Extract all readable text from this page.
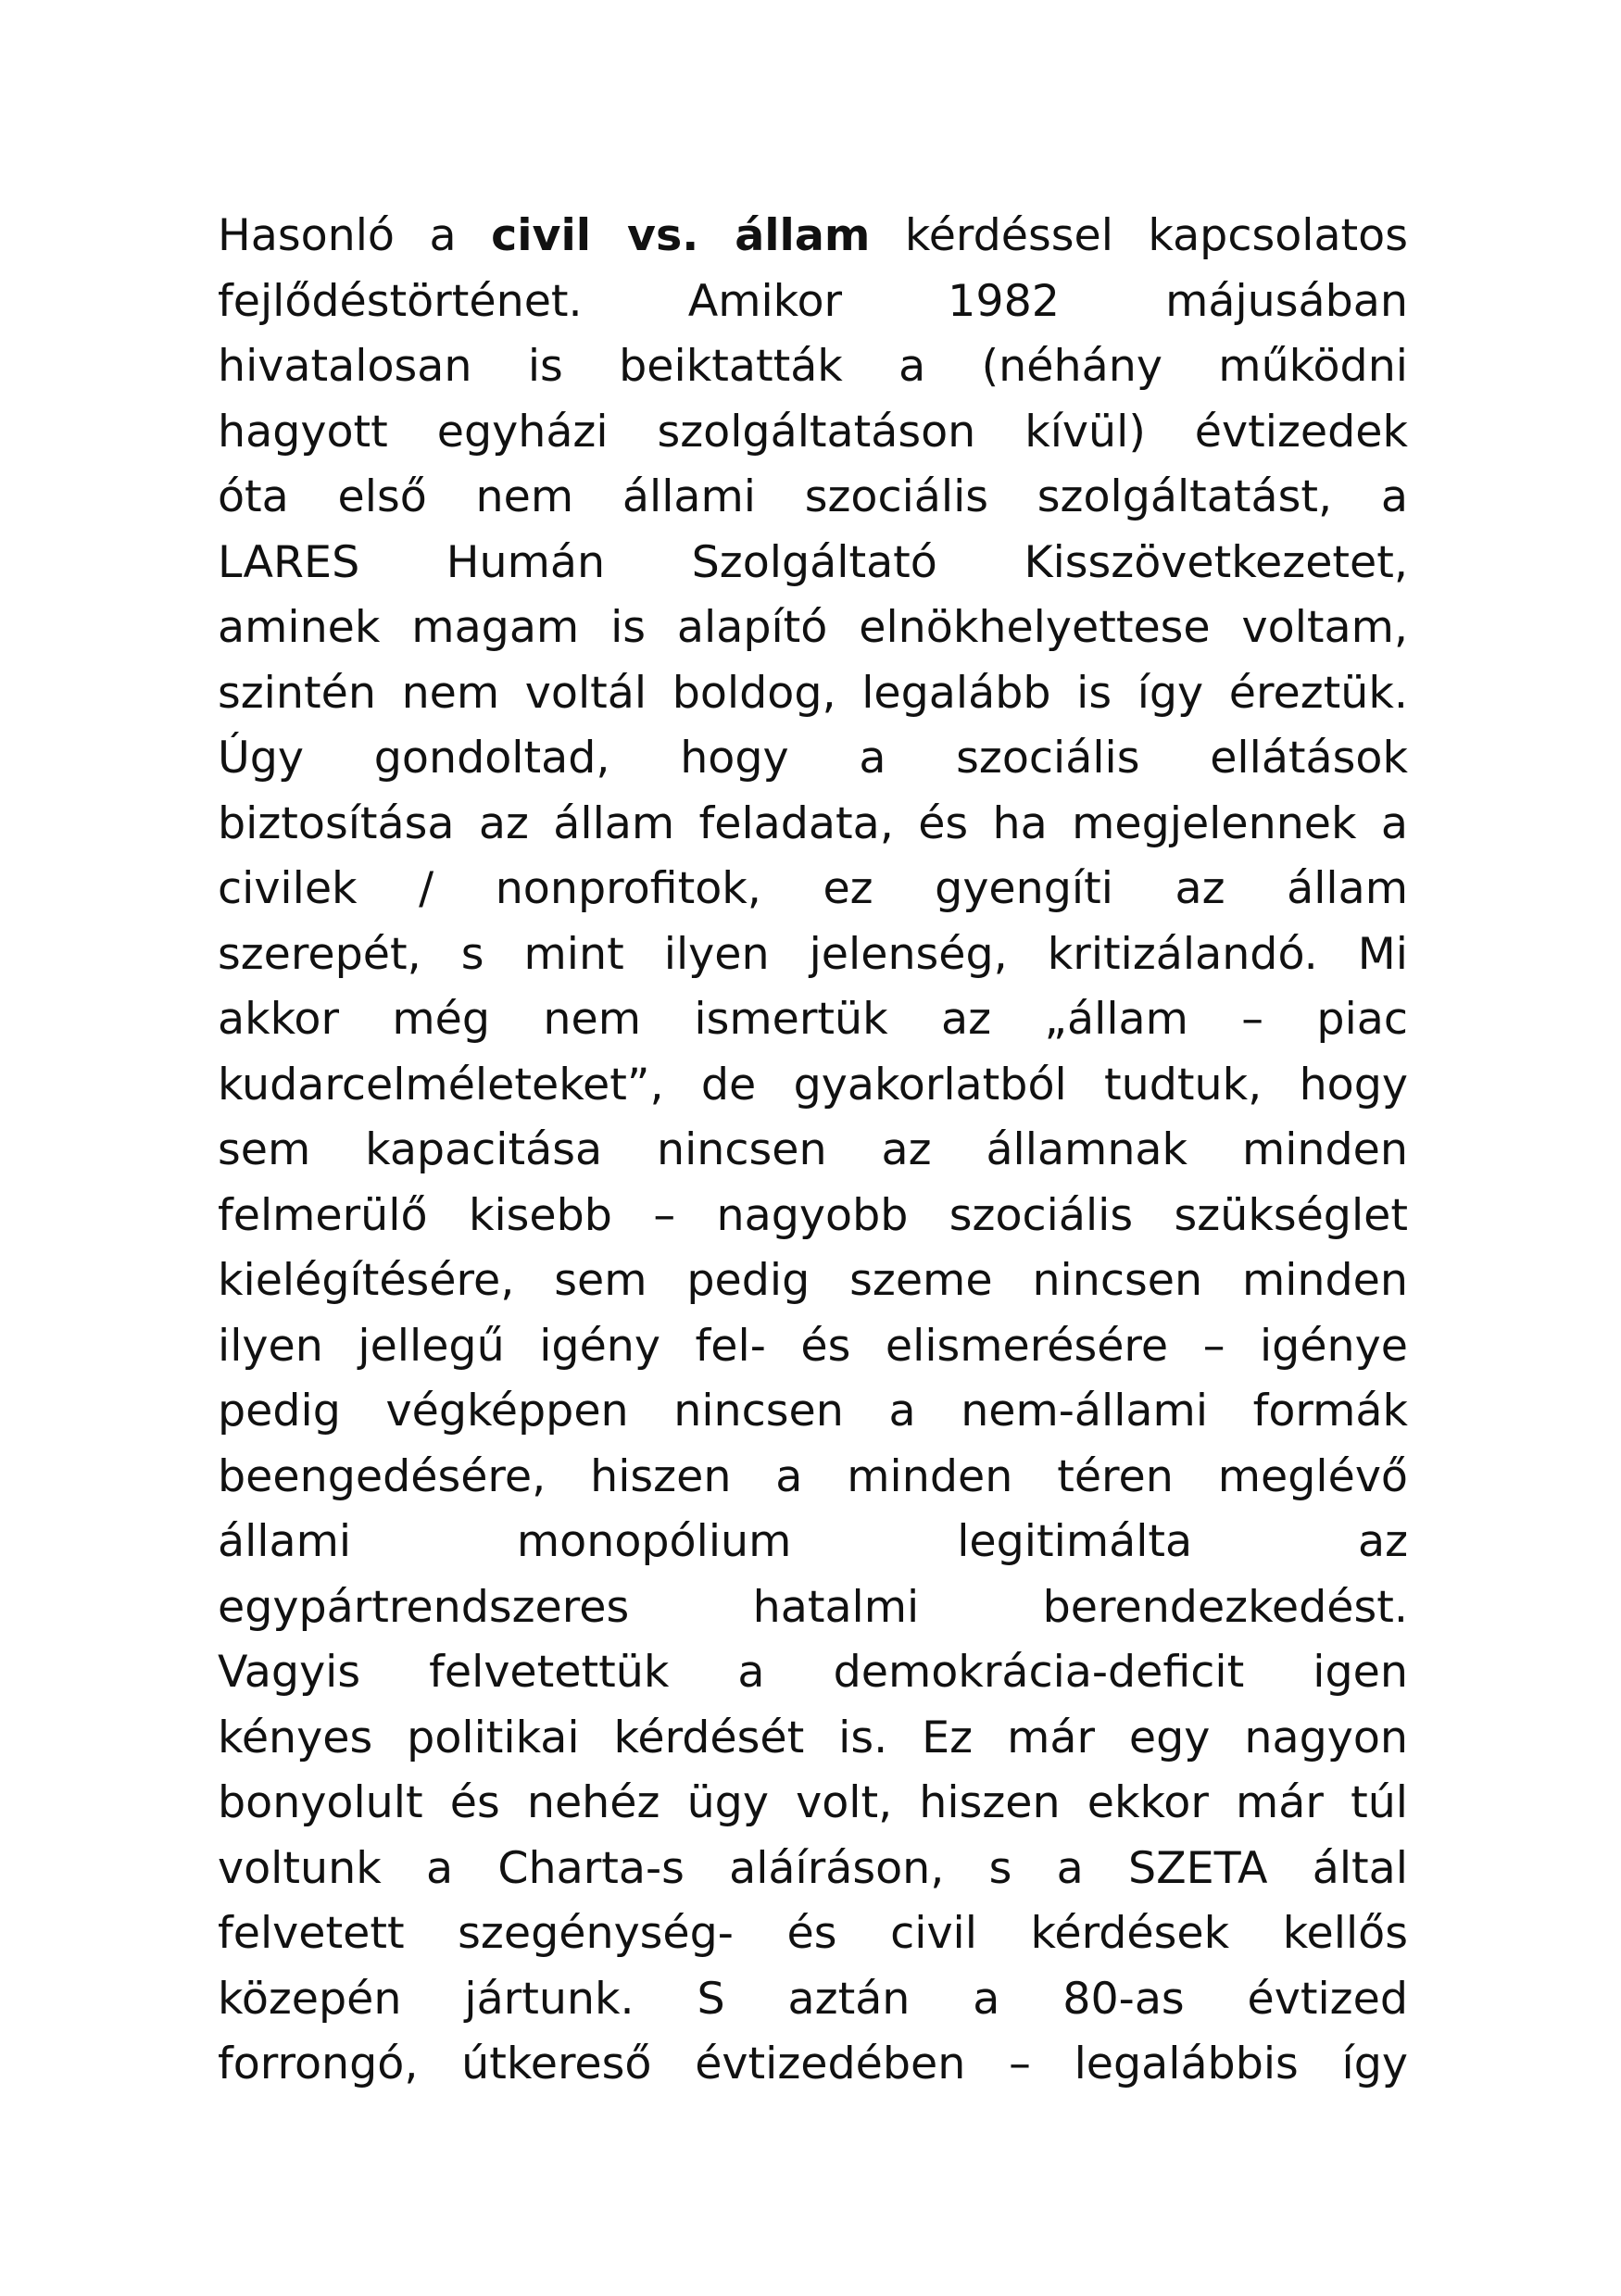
Hasonló a civil vs. állam kérdéssel kapcsolatos
fejlődéstörténet. Amikor 1982 májusában
hivatalosan is beiktatták a (néhány működni
hagyott egyházi szolgáltatáson kívül) évtizedek
óta első nem állami szociális szolgáltatást, a
LARES Humán Szolgáltató Kisszövetkezetet,
aminek magam is alapító elnökhelyettese voltam,
szintén nem voltál boldog, legalább is így éreztük.
Úgy gondoltad, hogy a szociális ellátások
biztosítása az állam feladata, és ha megjelennek a
civilek / nonprofitok, ez gyengíti az állam
szerepét, s mint ilyen jelenség, kritizálandó. Mi
akkor még nem ismertük az „állam – piac
kudarcelméleteket”, de gyakorlatból tudtuk, hogy
sem kapacitása nincsen az államnak minden
felmerülő kisebb – nagyobb szociális szükséglet
kielégítésére, sem pedig szeme nincsen minden
ilyen jellegű igény fel- és elismerésére – igénye
pedig végképpen nincsen a nem-állami formák
beengedésére, hiszen a minden téren meglévő
állami monopólium legitimálta az
egypártrendszeres hatalmi berendezkedést.
Vagyis felvetettük a demokrácia-deficit igen
kényes politikai kérdését is. Ez már egy nagyon
bonyolult és nehéz ügy volt, hiszen ekkor már túl
voltunk a Charta-s aláíráson, s a SZETA által
felvetett szegénység- és civil kérdések kellős
közepén jártunk. S aztán a 80-as évtized
forrongó, útkereső évtizedében – legalábbis így
